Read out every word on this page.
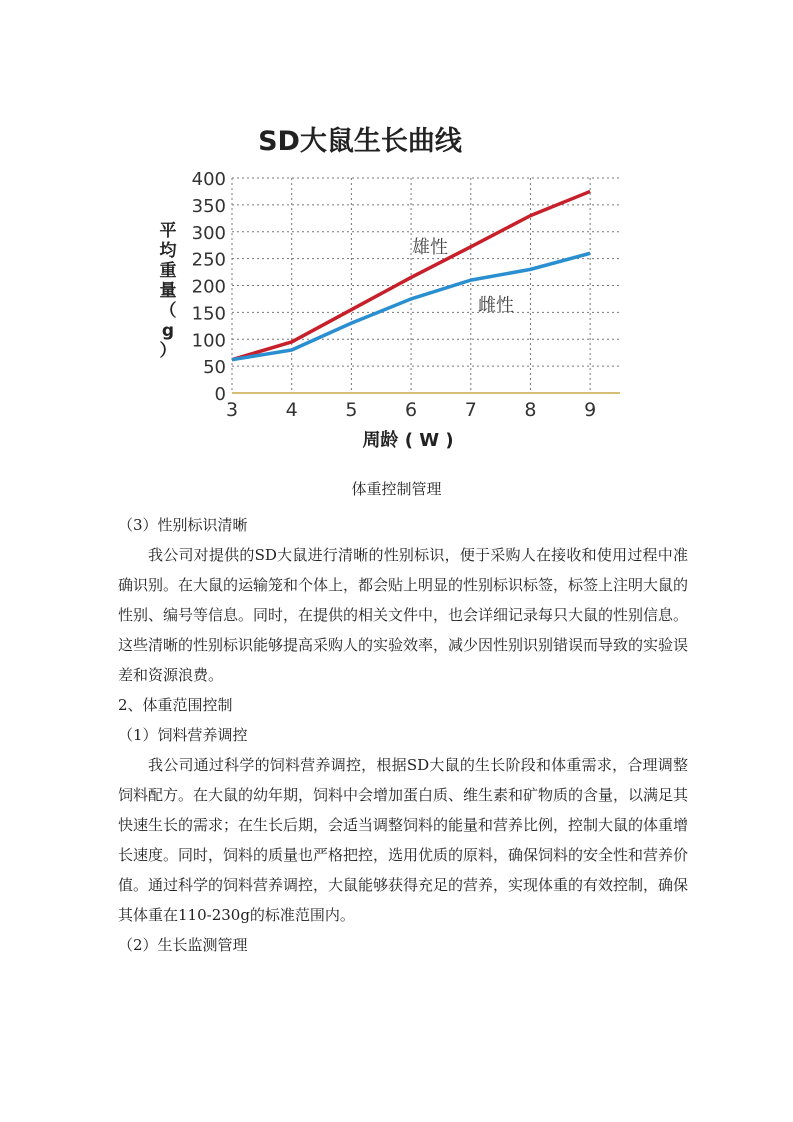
SD大鼠生长曲线
0
50
100
150
200
250
300
350
400
3	4	5	6	7	8	9
平均重量（ g ）
周龄 ( W )
雄性
雌性
体重控制管理

（3）性别标识清晰

我公司对提供的SD大鼠进行清晰的性别标识，便于采购人在接收和使用过程中准确识别。在大鼠的运输笼和个体上，都会贴上明显的性别标识标签，标签上注明大鼠的性别、编号等信息。同时，在提供的相关文件中，也会详细记录每只大鼠的性别信息。这些清晰的性别标识能够提高采购人的实验效率，减少因性别识别错误而导致的实验误差和资源浪费。

2、体重范围控制

（1）饲料营养调控

我公司通过科学的饲料营养调控，根据SD大鼠的生长阶段和体重需求，合理调整饲料配方。在大鼠的幼年期，饲料中会增加蛋白质、维生素和矿物质的含量，以满足其快速生长的需求；在生长后期，会适当调整饲料的能量和营养比例，控制大鼠的体重增长速度。同时，饲料的质量也严格把控，选用优质的原料，确保饲料的安全性和营养价值。通过科学的饲料营养调控，大鼠能够获得充足的营养，实现体重的有效控制，确保其体重在110-230g的标准范围内。

（2）生长监测管理
